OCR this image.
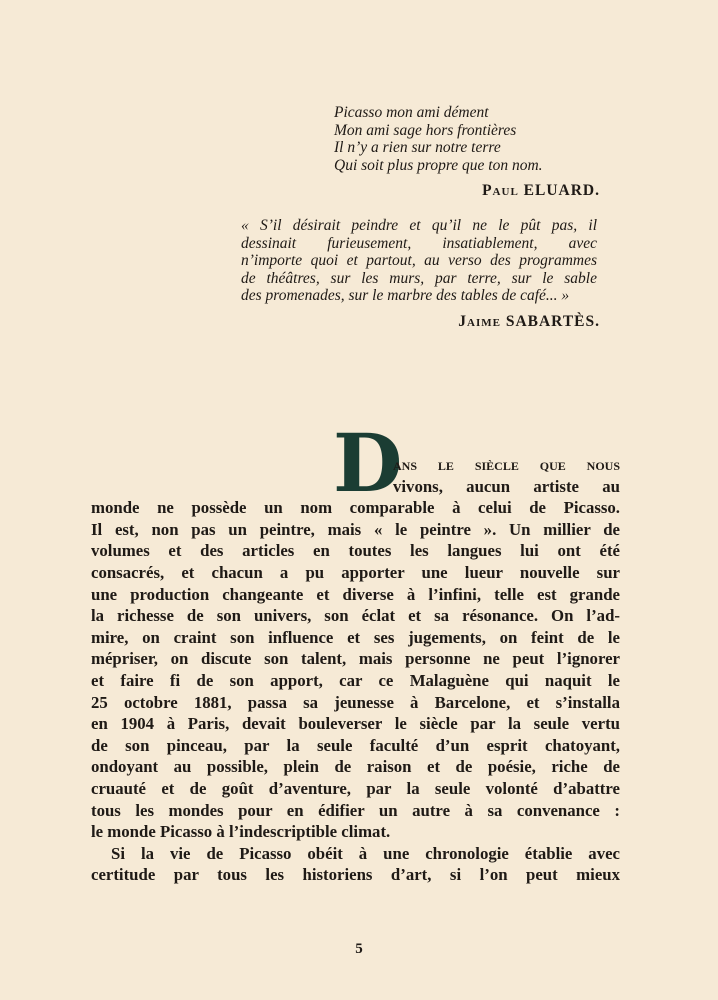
Picasso mon ami dément
Mon ami sage hors frontières
Il n’y a rien sur notre terre
Qui soit plus propre que ton nom.
Paul ELUARD.
« S’il désirait peindre et qu’il ne le pût pas, il
dessinait furieusement, insatiablement, avec
n’importe quoi et partout, au verso des programmes
de théâtres, sur les murs, par terre, sur le sable
des promenades, sur le marbre des tables de café... »
Jaime SABARTÈS.
D
ans le siècle que nous
vivons, aucun artiste au
monde ne possède un nom comparable à celui de Picasso.
Il est, non pas un peintre, mais « le peintre ». Un millier de
volumes et des articles en toutes les langues lui ont été
consacrés, et chacun a pu apporter une lueur nouvelle sur
une production changeante et diverse à l’infini, telle est grande
la richesse de son univers, son éclat et sa résonance. On l’ad-
mire, on craint son influence et ses jugements, on feint de le
mépriser, on discute son talent, mais personne ne peut l’ignorer
et faire fi de son apport, car ce Malaguène qui naquit le
25 octobre 1881, passa sa jeunesse à Barcelone, et s’installa
en 1904 à Paris, devait bouleverser le siècle par la seule vertu
de son pinceau, par la seule faculté d’un esprit chatoyant,
ondoyant au possible, plein de raison et de poésie, riche de
cruauté et de goût d’aventure, par la seule volonté d’abattre
tous les mondes pour en édifier un autre à sa convenance :
le monde Picasso à l’indescriptible climat.
Si la vie de Picasso obéit à une chronologie établie avec
certitude par tous les historiens d’art, si l’on peut mieux
5
